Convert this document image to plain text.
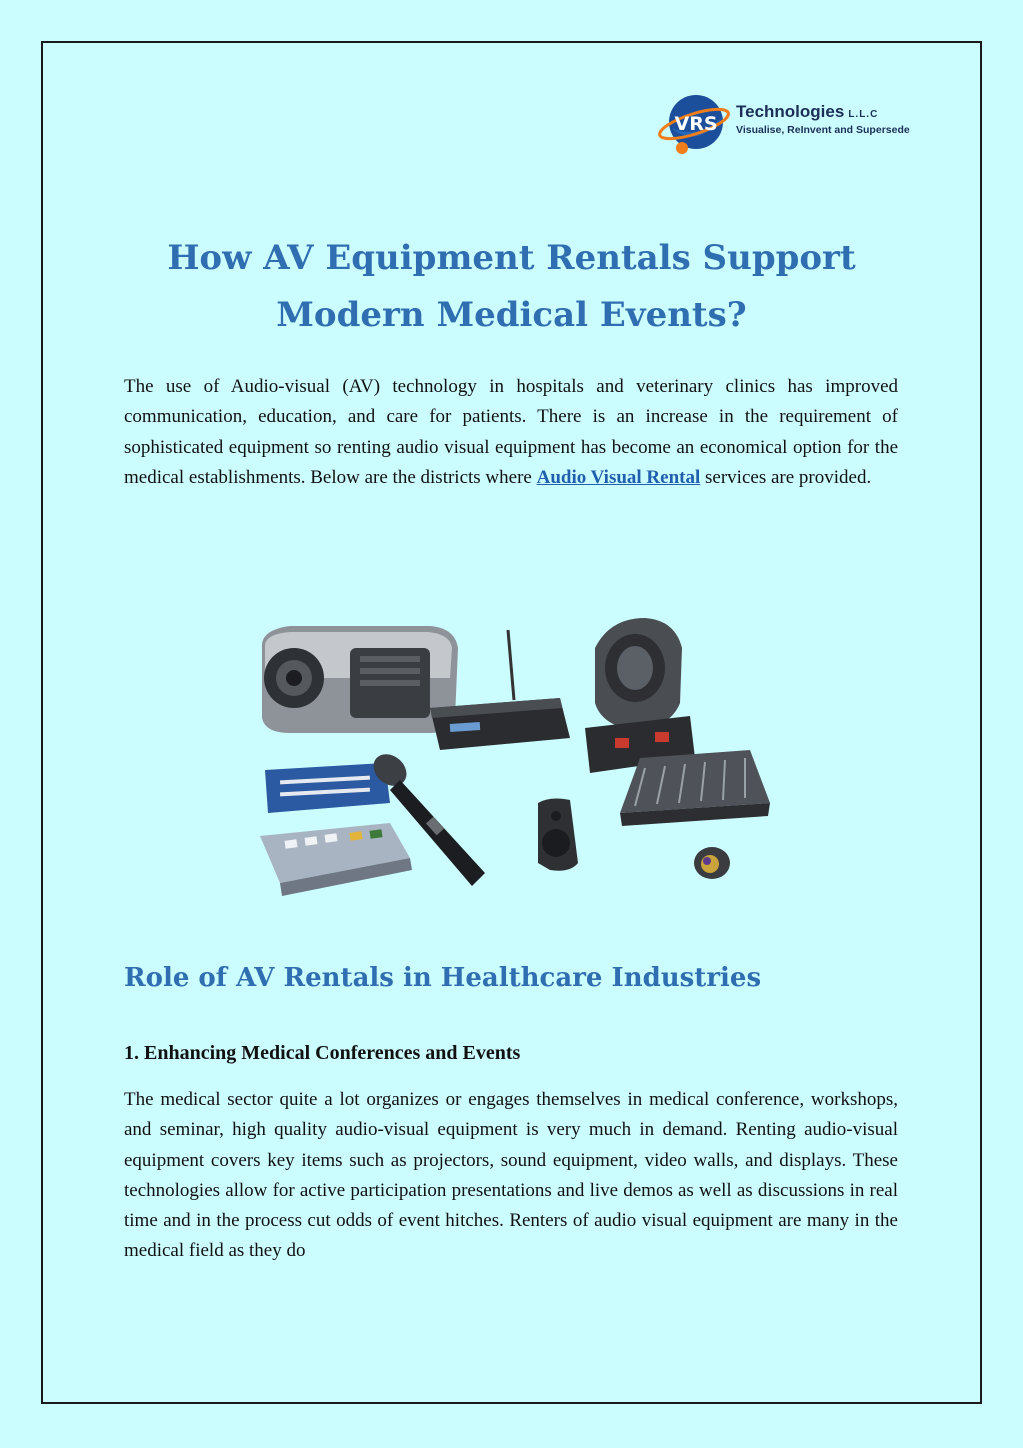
VRS
Technologies L.L.C
Visualise, ReInvent and Supersede
How AV Equipment Rentals Support
Modern Medical Events?

The use of Audio-visual (AV) technology in hospitals and veterinary clinics has improved communication, education, and care for patients. There is an increase in the requirement of sophisticated equipment so renting audio visual equipment has become an economical option for the medical establishments. Below are the districts where Audio Visual Rental services are provided.

Role of AV Rentals in Healthcare Industries
1. Enhancing Medical Conferences and Events

The medical sector quite a lot organizes or engages themselves in medical conference, workshops, and seminar, high quality audio-visual equipment is very much in demand. Renting audio-visual equipment covers key items such as projectors, sound equipment, video walls, and displays. These technologies allow for active participation presentations and live demos as well as discussions in real time and in the process cut odds of event hitches. Renters of audio visual equipment are many in the medical field as they do
